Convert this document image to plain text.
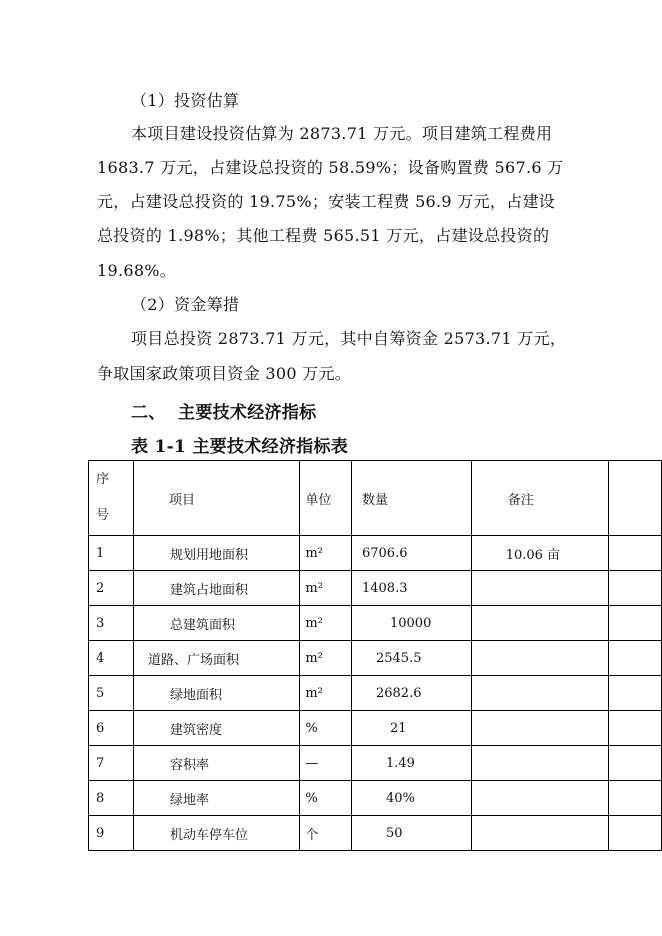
（1）投资估算
本项目建设投资估算为 2873.71 万元。项目建筑工程费用
1683.7 万元，占建设总投资的 58.59%；设备购置费 567.6 万
元，占建设总投资的 19.75%；安装工程费 56.9 万元，占建设
总投资的 1.98%；其他工程费 565.51 万元，占建设总投资的
19.68%。
（2）资金筹措
项目总投资 2873.71 万元，其中自筹资金 2573.71 万元，
争取国家政策项目资金 300 万元。
二、  主要技术经济指标
表 1-1 主要技术经济指标表
序
号	项目	单位	数量	备注	
1	规划用地面积	m²	6706.6	10.06 亩	
2	建筑占地面积	m²	1408.3		
3	总建筑面积	m²	10000		
4	道路、广场面积	m²	2545.5		
5	绿地面积	m²	2682.6		
6	建筑密度	%	21		
7	容积率	—	1.49		
8	绿地率	%	40%		
9	机动车停车位	个	50		
